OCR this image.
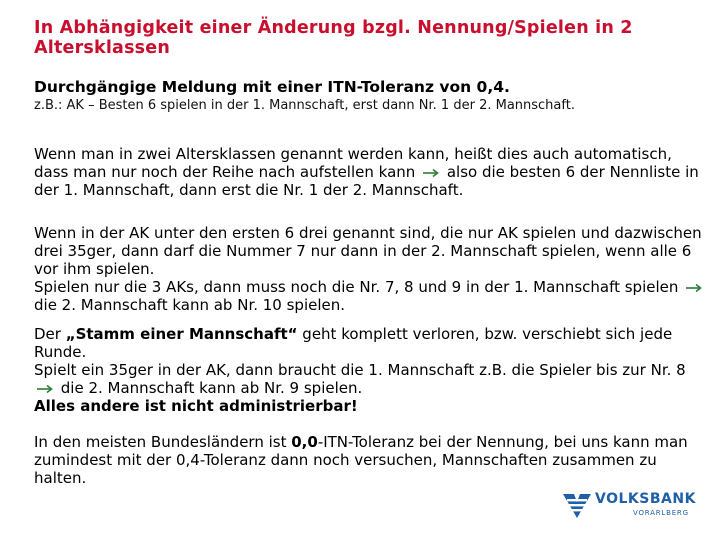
In Abhängigkeit einer Änderung bzgl. Nennung/Spielen in 2 Altersklassen
Durchgängige Meldung mit einer ITN-Toleranz von 0,4.
z.B.: AK – Besten 6 spielen in der 1. Mannschaft, erst dann Nr. 1 der 2. Mannschaft.

Wenn man in zwei Altersklassen genannt werden kann, heißt dies auch automatisch, dass man nur noch der Reihe nach aufstellen kann also die besten 6 der Nennliste in der 1. Mannschaft, dann erst die Nr. 1 der 2. Mannschaft.

Wenn in der AK unter den ersten 6 drei genannt sind, die nur AK spielen und dazwischen drei 35ger, dann darf die Nummer 7 nur dann in der 2. Mannschaft spielen, wenn alle 6 vor ihm spielen.
Spielen nur die 3 AKs, dann muss noch die Nr. 7, 8 und 9 in der 1. Mannschaft spielen  die 2. Mannschaft kann ab Nr. 10 spielen.

Der „Stamm einer Mannschaft“ geht komplett verloren, bzw. verschiebt sich jede Runde.
Spielt ein 35ger in der AK, dann braucht die 1. Mannschaft z.B. die Spieler bis zur Nr. 8  die 2. Mannschaft kann ab Nr. 9 spielen.
Alles andere ist nicht administrierbar!

In den meisten Bundesländern ist 0,0-ITN-Toleranz bei der Nennung, bei uns kann man zumindest mit der 0,4-Toleranz dann noch versuchen, Mannschaften zusammen zu halten.

VOLKSBANK
VORARLBERG
